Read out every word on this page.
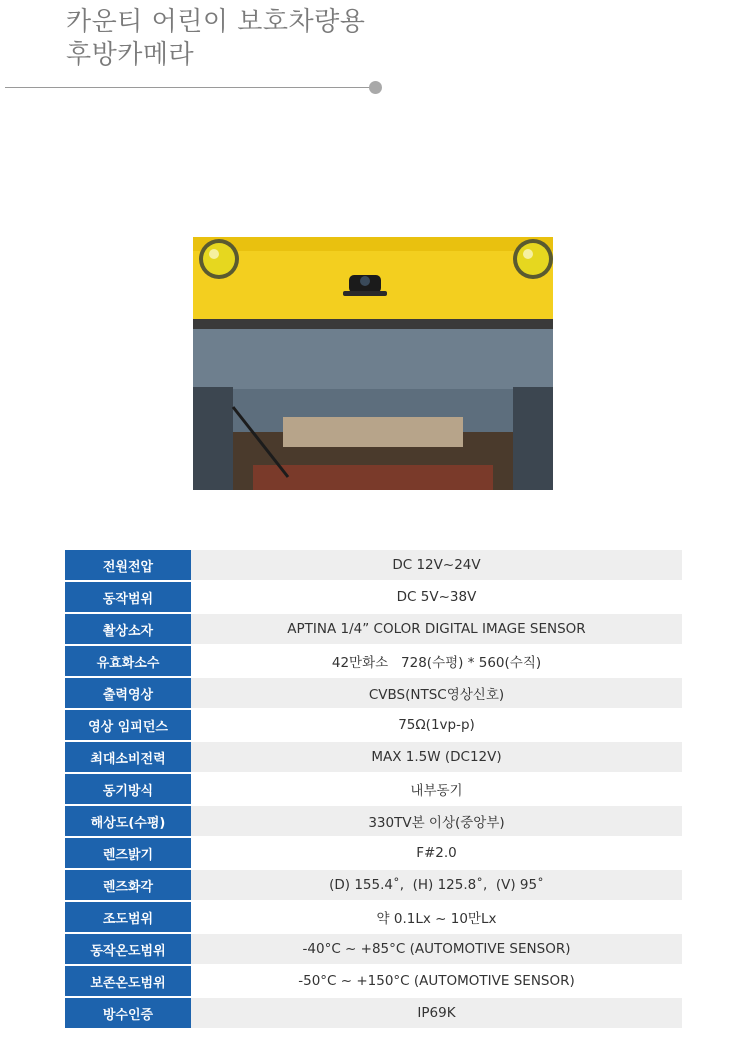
카운티 어린이 보호차량용
후방카메라
전원전압	DC 12V~24V
동작범위	DC 5V~38V
촬상소자	APTINA 1/4” COLOR DIGITAL IMAGE SENSOR
유효화소수	42만화소   728(수평) * 560(수직)
출력영상	CVBS(NTSC영상신호)
영상 임피던스	75Ω(1vp-p)
최대소비전력	MAX 1.5W (DC12V)
동기방식	내부동기
해상도(수평)	330TV본 이상(중앙부)
렌즈밝기	F#2.0
렌즈화각	(D) 155.4˚,  (H) 125.8˚,  (V) 95˚
조도범위	약 0.1Lx ~ 10만Lx
동작온도범위	-40°C ~ +85°C (AUTOMOTIVE SENSOR)
보존온도범위	-50°C ~ +150°C (AUTOMOTIVE SENSOR)
방수인증	IP69K
